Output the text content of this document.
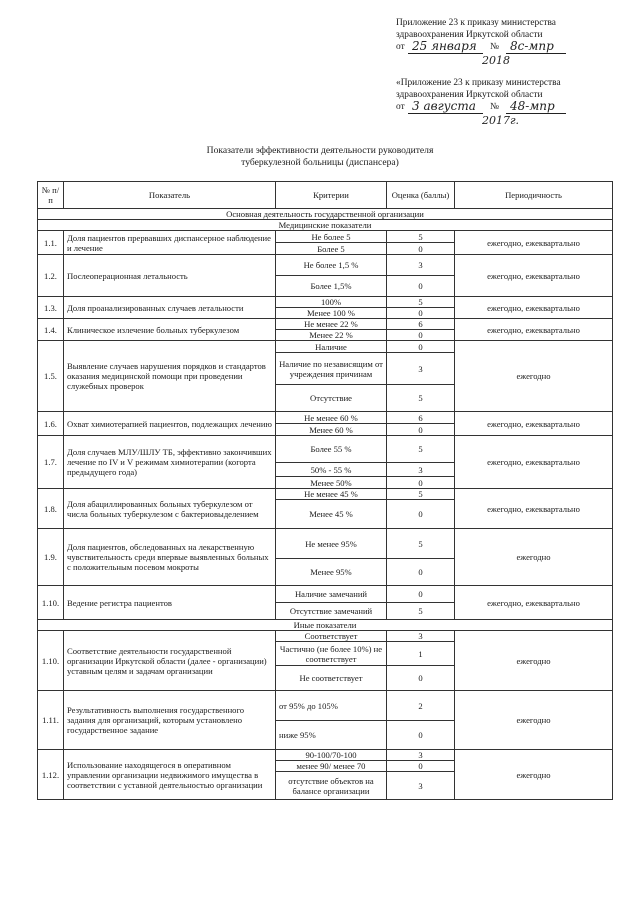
Приложение 23 к приказу министерства
здравоохранения Иркутской области
от 25 января № 8с-мпр
2018
«Приложение 23 к приказу министерства
здравоохранения Иркутской области
от 3 августа № 48-мпр
2017г.
Показатели эффективности деятельности руководителя
туберкулезной больницы (диспансера)
№ п/п	Показатель	Критерии	Оценка (баллы)	Периодичность
Основная деятельность государственной организации				
Медицинские показатели				
1.1.	Доля пациентов прервавших диспансерное наблюдение и лечение	Не более 5	5	ежегодно, ежеквартально
		Более 5	0	
1.2.	Послеоперационная летальность	Не более 1,5 %	3	ежегодно, ежеквартально
		Более 1,5%	0	
1.3.	Доля проанализированных случаев летальности	100%	5	ежегодно, ежеквартально
		Менее 100 %	0	
1.4.	Клиническое излечение больных туберкулезом	Не менее 22 %	6	ежегодно, ежеквартально
		Менее 22 %	0	
1.5.	Выявление случаев нарушения порядков и стандартов оказания медицинской помощи при проведении служебных проверок	Наличие	0	ежегодно
		Наличие по независящим от учреждения причинам	3	
		Отсутствие	5	
1.6.	Охват химиотерапией пациентов, подлежащих лечению	Не менее 60 %	6	ежегодно, ежеквартально
		Менее 60 %	0	
1.7.	Доля случаев МЛУ/ШЛУ ТБ, эффективно закончивших лечение по IV и V режимам химиотерапии (когорта предыдущего года)	Более 55 %	5	ежегодно, ежеквартально
		50% - 55 %	3	
		Менее 50%	0	
1.8.	Доля абациллированных больных туберкулезом от числа больных туберкулезом с бактериовыделением	Не менее 45 %	5	ежегодно, ежеквартально
		Менее 45 %	0	
1.9.	Доля пациентов, обследованных на лекарственную чувствительность среди впервые выявленных больных с положительным посевом мокроты	Не менее 95%	5	ежегодно
		Менее 95%	0	
1.10.	Ведение регистра пациентов	Наличие замечаний	0	ежегодно, ежеквартально
		Отсутствие замечаний	5	
Иные показатели				
1.10.	Соответствие деятельности государственной организации Иркутской области (далее - организации) уставным целям и задачам организации	Соответствует	3	ежегодно
		Частично (не более 10%) не соответствует	1	
		Не соответствует	0	
1.11.	Результативность выполнения государственного задания для организаций, которым установлено государственное задание	от 95% до 105%	2	ежегодно
		ниже 95%	0	
1.12.	Использование находящегося в оперативном управлении организации недвижимого имущества в соответствии с уставной деятельностью организации	90-100/70-100	3	ежегодно
		менее 90/ менее 70	0	
		отсутствие объектов на балансе организации	3	
